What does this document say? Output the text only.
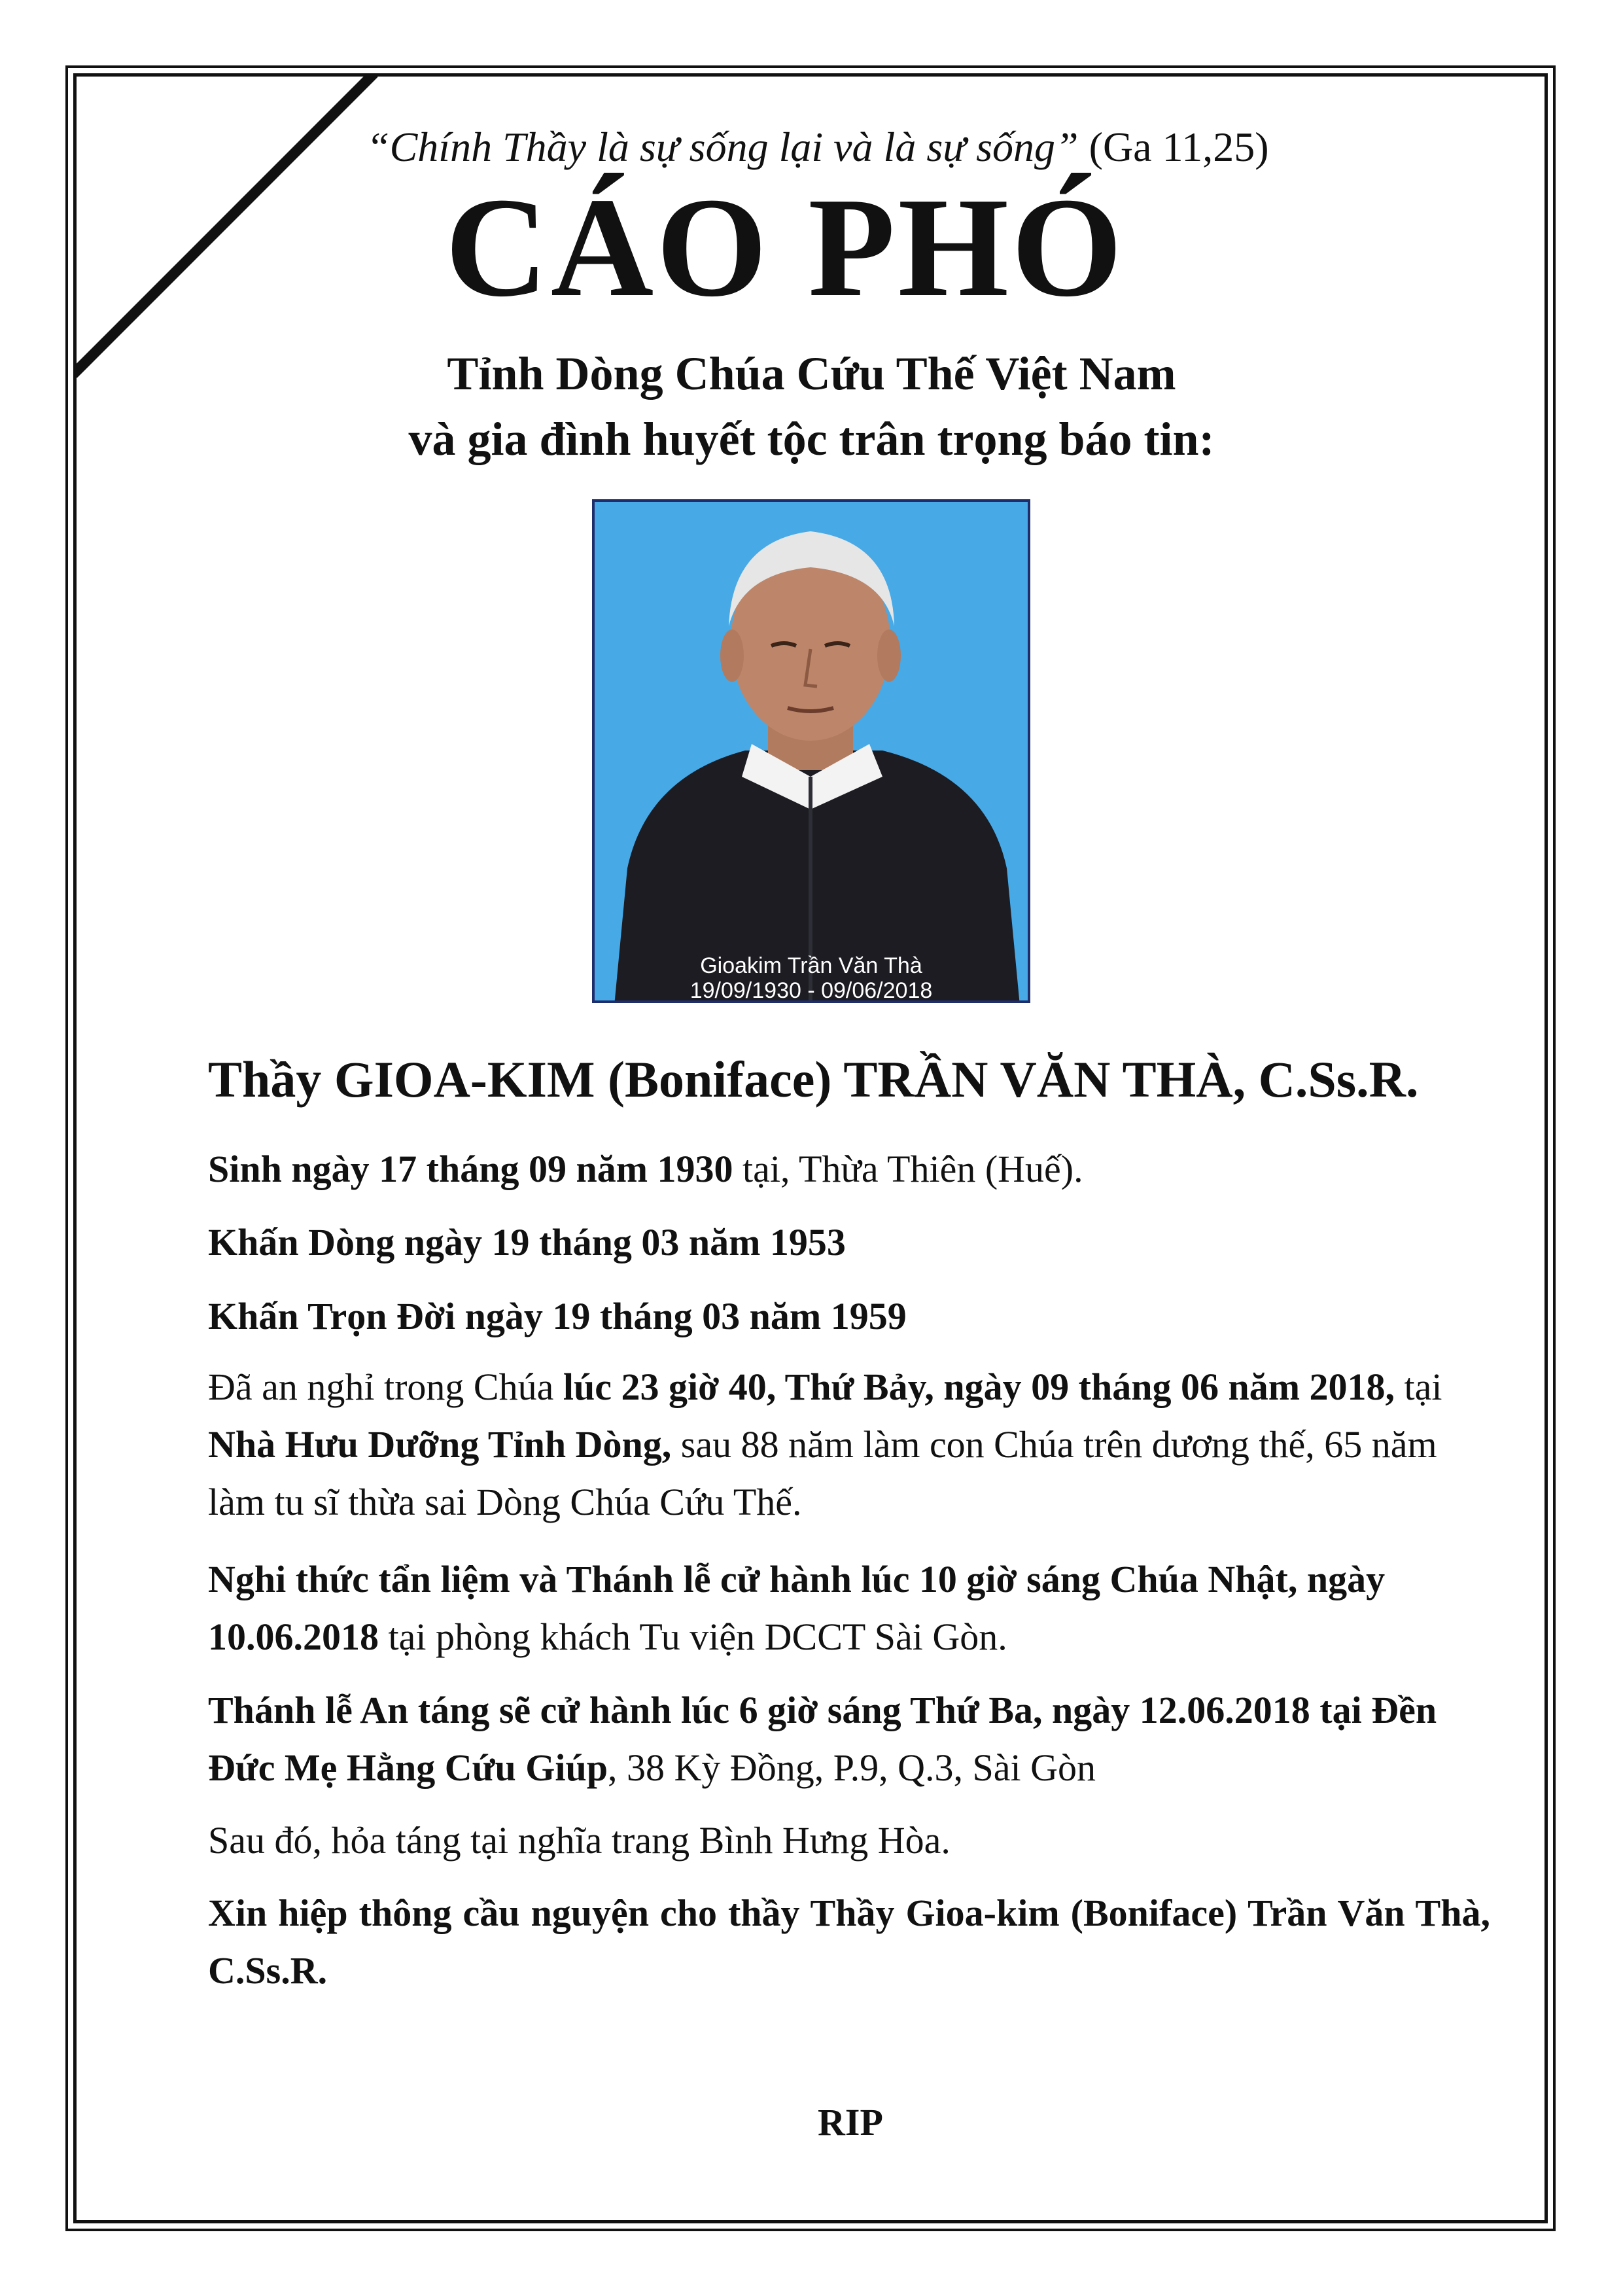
“Chính Thầy là sự sống lại và là sự sống” (Ga 11,25)
CÁO PHÓ
Tỉnh Dòng Chúa Cứu Thế Việt Nam
và gia đình huyết tộc trân trọng báo tin:
Gioakim Trần Văn Thà
19/09/1930 - 09/06/2018
Thầy GIOA-KIM (Boniface) TRẦN VĂN THÀ, C.Ss.R.
Sinh ngày 17 tháng 09 năm 1930 tại, Thừa Thiên (Huế).
Khấn Dòng ngày 19 tháng 03 năm 1953
Khấn Trọn Đời ngày 19 tháng 03 năm 1959
Đã an nghỉ trong Chúa lúc 23 giờ 40, Thứ Bảy, ngày 09 tháng 06 năm 2018, tại Nhà Hưu Dưỡng Tỉnh Dòng, sau 88 năm làm con Chúa trên dương thế, 65 năm làm tu sĩ thừa sai Dòng Chúa Cứu Thế.
Nghi thức tẩn liệm và Thánh lễ cử hành lúc 10 giờ sáng Chúa Nhật, ngày 10.06.2018 tại phòng khách Tu viện DCCT Sài Gòn.
Thánh lễ An táng sẽ cử hành lúc 6 giờ sáng Thứ Ba, ngày 12.06.2018 tại Đền Đức Mẹ Hằng Cứu Giúp, 38 Kỳ Đồng, P.9, Q.3, Sài Gòn
Sau đó, hỏa táng tại nghĩa trang Bình Hưng Hòa.
Xin hiệp thông cầu nguyện cho thầy Thầy Gioa-kim (Boniface) Trần Văn Thà, C.Ss.R.
RIP
